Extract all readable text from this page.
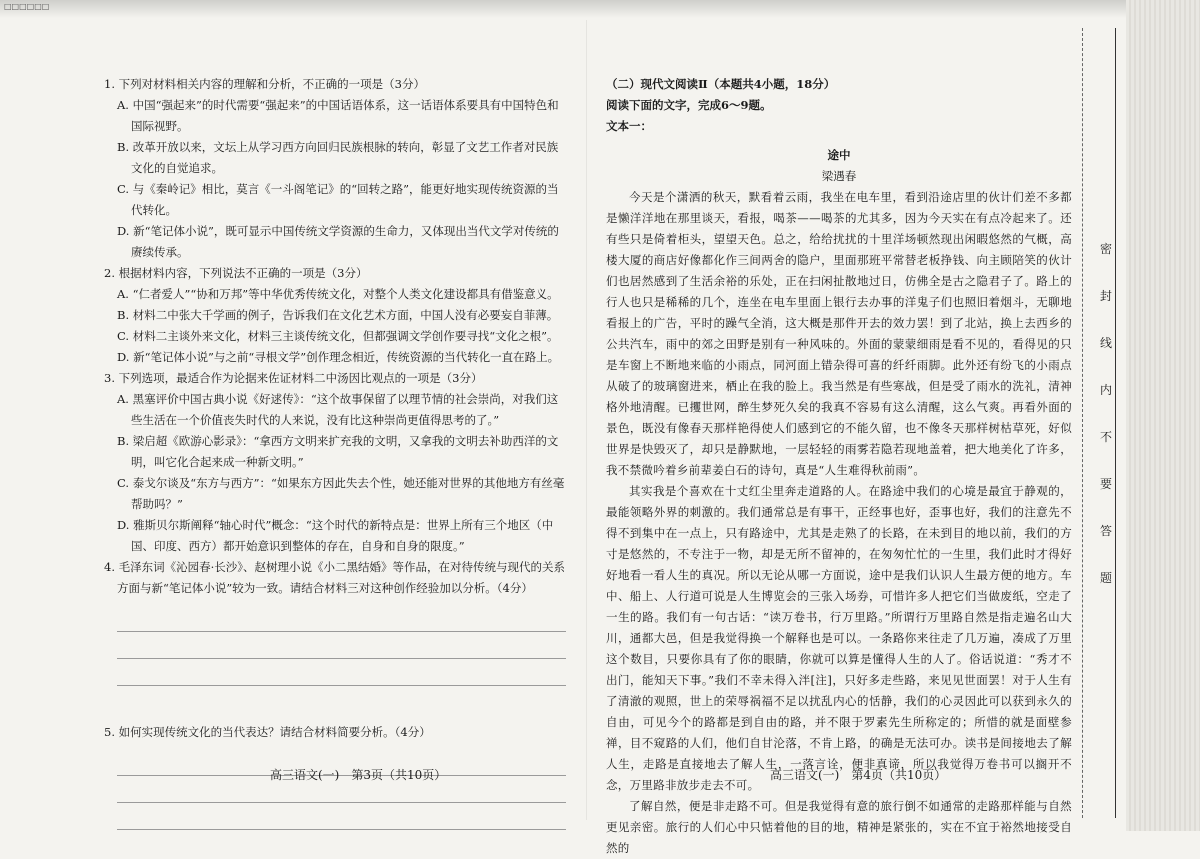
□□□□□□
1. 下列对材料相关内容的理解和分析，不正确的一项是（3分）
A. 中国“强起来”的时代需要“强起来”的中国话语体系，这一话语体系要具有中国特色和国际视野。
B. 改革开放以来，文坛上从学习西方向回归民族根脉的转向，彰显了文艺工作者对民族文化的自觉追求。
C. 与《秦岭记》相比，莫言《一斗阁笔记》的“回转之路”，能更好地实现传统资源的当代转化。
D. 新“笔记体小说”，既可显示中国传统文学资源的生命力，又体现出当代文学对传统的赓续传承。
2. 根据材料内容，下列说法不正确的一项是（3分）
A. “仁者爱人”“协和万邦”等中华优秀传统文化，对整个人类文化建设都具有借鉴意义。
B. 材料二中张大千学画的例子，告诉我们在文化艺术方面，中国人没有必要妄自菲薄。
C. 材料二主谈外来文化，材料三主谈传统文化，但都强调文学创作要寻找“文化之根”。
D. 新“笔记体小说”与之前“寻根文学”创作理念相近，传统资源的当代转化一直在路上。
3. 下列选项，最适合作为论据来佐证材料二中汤因比观点的一项是（3分）
A. 黑塞评价中国古典小说《好逑传》：“这个故事保留了以理节情的社会崇尚，对我们这些生活在一个价值丧失时代的人来说，没有比这种崇尚更值得思考的了。”
B. 梁启超《欧游心影录》：“拿西方文明来扩充我的文明，又拿我的文明去补助西洋的文明，叫它化合起来成一种新文明。”
C. 泰戈尔谈及“东方与西方”：“如果东方因此失去个性，她还能对世界的其他地方有丝毫帮助吗？”
D. 雅斯贝尔斯阐释“轴心时代”概念：“这个时代的新特点是：世界上所有三个地区（中国、印度、西方）都开始意识到整体的存在，自身和自身的限度。”
4. 毛泽东词《沁园春·长沙》、赵树理小说《小二黑结婚》等作品，在对待传统与现代的关系方面与新“笔记体小说”较为一致。请结合材料三对这种创作经验加以分析。（4分）
5. 如何实现传统文化的当代表达？请结合材料简要分析。（4分）
高三语文(一)　第3页（共10页）
（二）现代文阅读Ⅱ（本题共4小题，18分）
阅读下面的文字，完成6～9题。
文本一：
途中
梁遇春
今天是个潇洒的秋天，默看着云雨，我坐在电车里，看到沿途店里的伙计们差不多都是懒洋洋地在那里谈天，看报，喝茶——喝茶的尤其多，因为今天实在有点冷起来了。还有些只是倚着柜头，望望天色。总之，给给扰扰的十里洋场顿然现出闲暇悠然的气概，高楼大厦的商店好像都化作三间两舍的隐户，里面那班平常替老板挣钱、向主顾陪笑的伙计们也居然感到了生活余裕的乐处，正在扫闲扯散地过日，仿佛全是古之隐君子了。路上的行人也只是稀稀的几个，连坐在电车里面上银行去办事的洋鬼子们也照旧着烟斗，无聊地看报上的广告，平时的躁气全消，这大概是那件开去的效力罢！到了北站，换上去西乡的公共汽车，雨中的郊之田野是别有一种风味的。外面的蒙蒙细雨是看不见的，看得见的只是车窗上不断地来临的小雨点，同河面上错杂得可喜的纤纤雨脚。此外还有纷飞的小雨点从破了的玻璃窗进来，栖止在我的脸上。我当然是有些寒战，但是受了雨水的洗礼，清神格外地清醒。已攫世网，醉生梦死久矣的我真不容易有这么清醒，这么气爽。再看外面的景色，既没有像春天那样艳得使人们感到它的不能久留，也不像冬天那样树枯草死，好似世界是快毁灭了，却只是静默地，一层轻轻的雨雾若隐若现地盖着，把大地美化了许多，我不禁微吟着乡前辈姜白石的诗句，真是“人生难得秋前雨”。
其实我是个喜欢在十丈红尘里奔走道路的人。在路途中我们的心境是最宜于静观的，最能领略外界的刺激的。我们通常总是有事干，正经事也好，歪事也好，我们的注意先不得不到集中在一点上，只有路途中，尤其是走熟了的长路，在未到目的地以前，我们的方寸是悠然的，不专注于一物，却是无所不留神的，在匆匆忙忙的一生里，我们此时才得好好地看一看人生的真况。所以无论从哪一方面说，途中是我们认识人生最方便的地方。车中、船上、人行道可说是人生博览会的三张入场券，可惜许多人把它们当做废纸，空走了一生的路。我们有一句古话：“读万卷书，行万里路。”所谓行万里路自然是指走遍名山大川，通都大邑，但是我觉得换一个解释也是可以。一条路你来往走了几万遍，凑成了万里这个数目，只要你具有了你的眼睛，你就可以算是懂得人生的人了。俗话说道：“秀才不出门，能知天下事。”我们不幸未得入泮[注]，只好多走些路，来见见世面罢！对于人生有了清澈的观照，世上的荣辱祸福不足以扰乱内心的恬静，我们的心灵因此可以获到永久的自由，可见今个的路都是到自由的路，并不限于罗素先生所称定的；所惜的就是面壁参禅，目不窥路的人们，他们自甘沦落，不肯上路，的确是无法可办。读书是间接地去了解人生，走路是直接地去了解人生，一落言诠，便非真谛，所以我觉得万卷书可以搁开不念，万里路非放步走去不可。
了解自然，便是非走路不可。但是我觉得有意的旅行倒不如通常的走路那样能与自然更见亲密。旅行的人们心中只惦着他的目的地，精神是紧张的，实在不宜于裕然地接受自然的
高三语文(一)　第4页（共10页）
密
封
线
内
不
要
答
题
